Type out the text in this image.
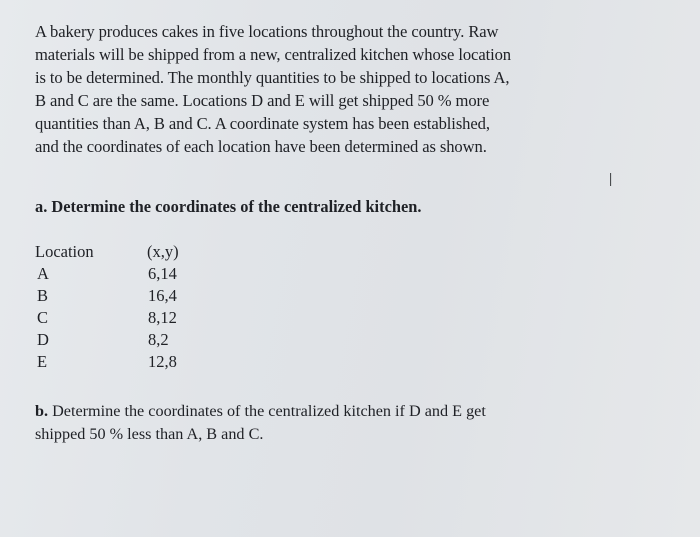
A bakery produces cakes in five locations throughout the country. Raw
materials will be shipped from a new, centralized kitchen whose location
is to be determined. The monthly quantities to be shipped to locations A,
B and C are the same. Locations D and E will get shipped 50 % more
quantities than A, B and C. A coordinate system has been established,
and the coordinates of each location have been determined as shown.

I

a. Determine the coordinates of the centralized kitchen.

Location	(x,y)
A	6,14
B	16,4
C	8,12
D	8,2
E	12,8

b. Determine the coordinates of the centralized kitchen if D and E get
shipped 50 % less than A, B and C.
